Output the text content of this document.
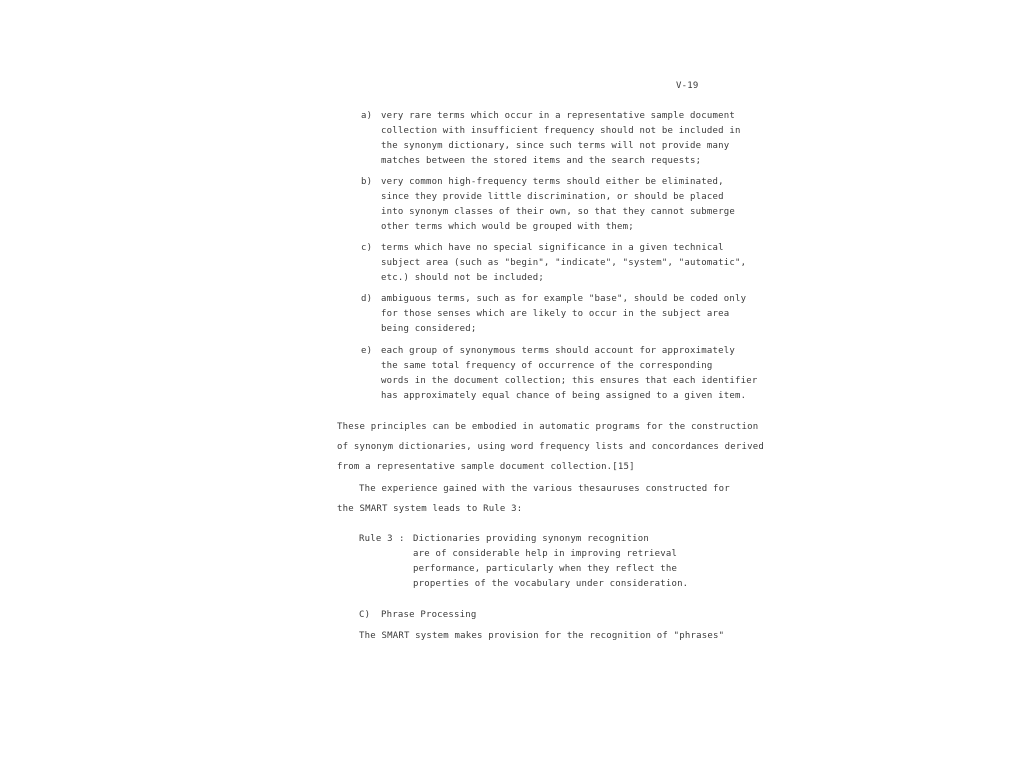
V-19
a) very rare terms which occur in a representative sample document
collection with insufficient frequency should not be included in
the synonym dictionary, since such terms will not provide many
matches between the stored items and the search requests;
b) very common high-frequency terms should either be eliminated,
since they provide little discrimination, or should be placed
into synonym classes of their own, so that they cannot submerge
other terms which would be grouped with them;
c) terms which have no special significance in a given technical
subject area (such as "begin", "indicate", "system", "automatic",
etc.) should not be included;
d) ambiguous terms, such as for example "base", should be coded only
for those senses which are likely to occur in the subject area
being considered;
e) each group of synonymous terms should account for approximately
the same total frequency of occurrence of the corresponding
words in the document collection; this ensures that each identifier
has approximately equal chance of being assigned to a given item.
These principles can be embodied in automatic programs for the construction
of synonym dictionaries, using word frequency lists and concordances derived
from a representative sample document collection.[15]
The experience gained with the various thesauruses constructed for
the SMART system leads to Rule 3:
Rule 3 : Dictionaries providing synonym recognition
are of considerable help in improving retrieval
performance, particularly when they reflect the
properties of the vocabulary under consideration.
C) Phrase Processing
The SMART system makes provision for the recognition of "phrases"
